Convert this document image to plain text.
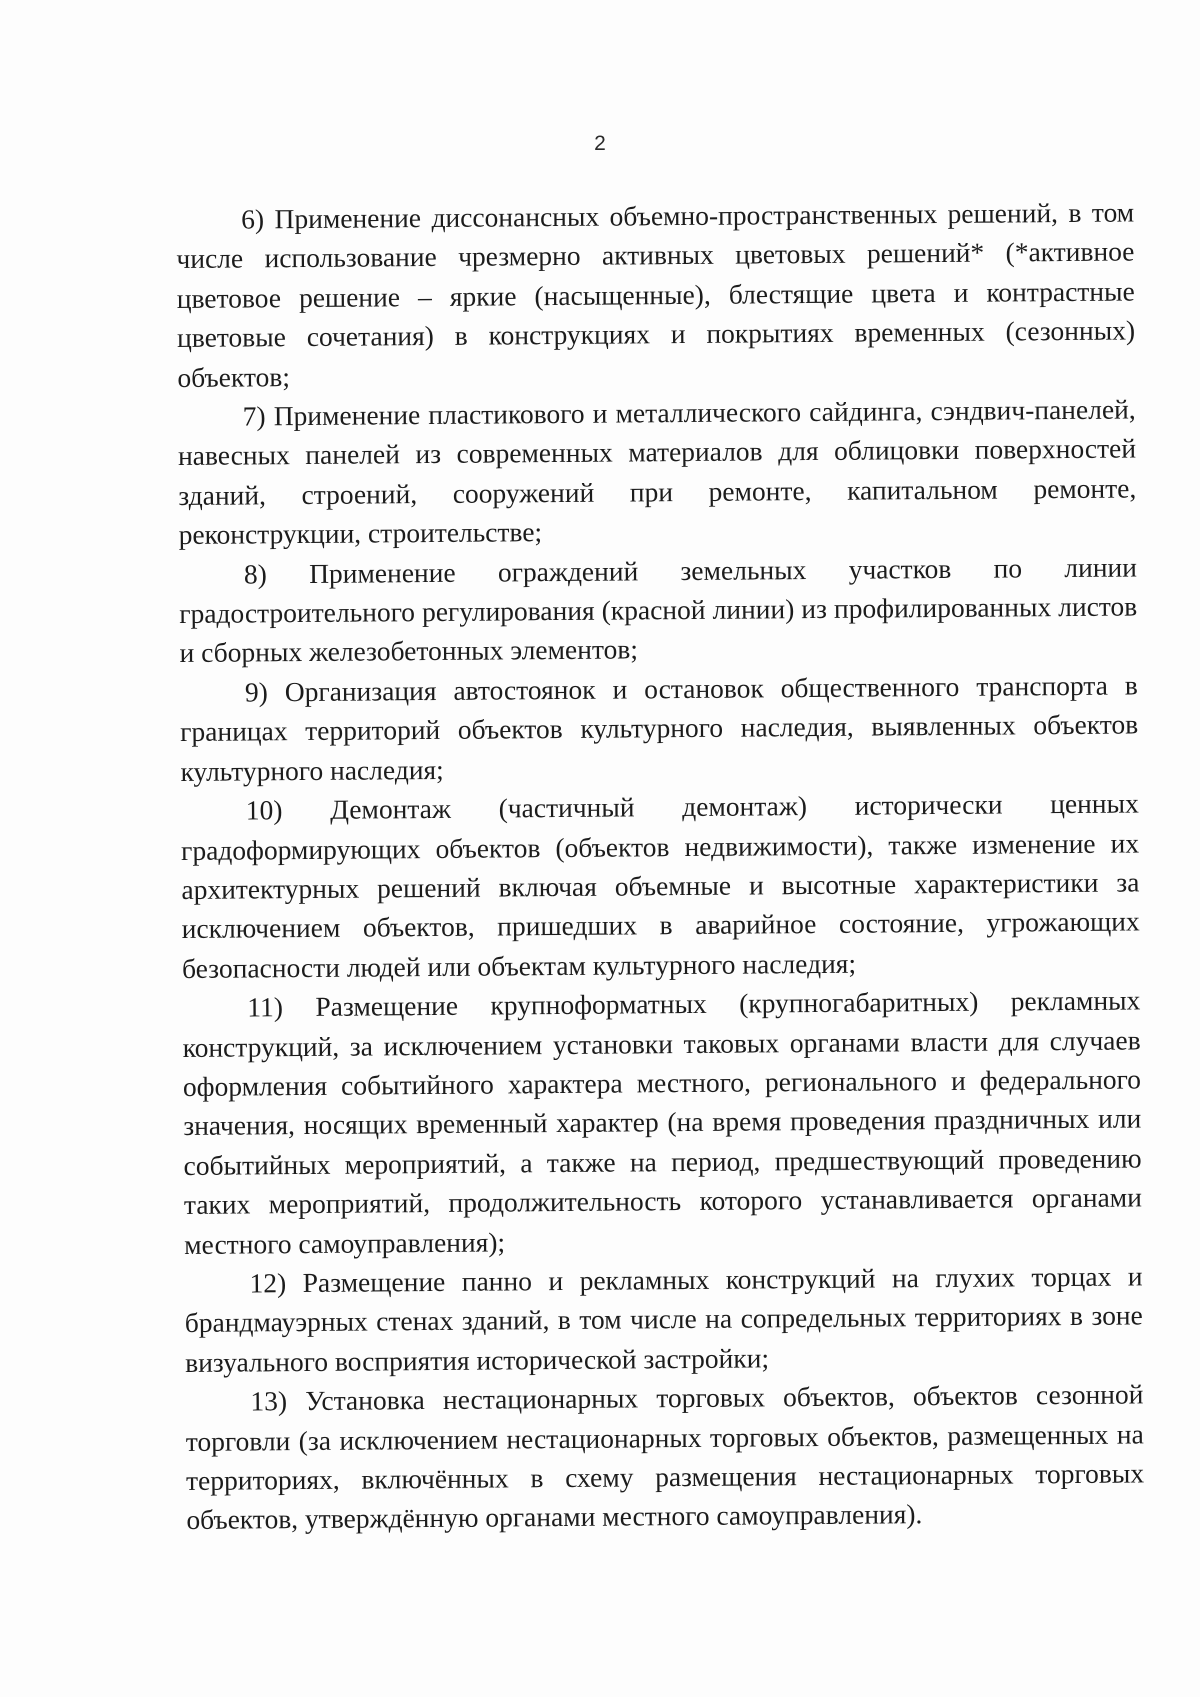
2

6) Применение диссонансных объемно-пространственных решений, в том числе использование чрезмерно активных цветовых решений* (*активное цветовое решение – яркие (насыщенные), блестящие цвета и контрастные цветовые сочетания) в конструкциях и покрытиях временных (сезонных) объектов;

7) Применение пластикового и металлического сайдинга, сэндвич-панелей, навесных панелей из современных материалов для облицовки поверхностей зданий, строений, сооружений при ремонте, капитальном ремонте, реконструкции, строительстве;

8) Применение ограждений земельных участков по линии градостроительного регулирования (красной линии) из профилированных листов и сборных железобетонных элементов;

9) Организация автостоянок и остановок общественного транспорта в границах территорий объектов культурного наследия, выявленных объектов культурного наследия;

10) Демонтаж (частичный демонтаж) исторически ценных градоформирующих объектов (объектов недвижимости), также изменение их архитектурных решений включая объемные и высотные характеристики за исключением объектов, пришедших в аварийное состояние, угрожающих безопасности людей или объектам культурного наследия;

11) Размещение крупноформатных (крупногабаритных) рекламных конструкций, за исключением установки таковых органами власти для случаев оформления событийного характера местного, регионального и федерального значения, носящих временный характер (на время проведения праздничных или событийных мероприятий, а также на период, предшествующий проведению таких мероприятий, продолжительность которого устанавливается органами местного самоуправления);

12) Размещение панно и рекламных конструкций на глухих торцах и брандмауэрных стенах зданий, в том числе на сопредельных территориях в зоне визуального восприятия исторической застройки;

13) Установка нестационарных торговых объектов, объектов сезонной торговли (за исключением нестационарных торговых объектов, размещенных на территориях, включённых в схему размещения нестационарных торговых объектов, утверждённую органами местного самоуправления).
